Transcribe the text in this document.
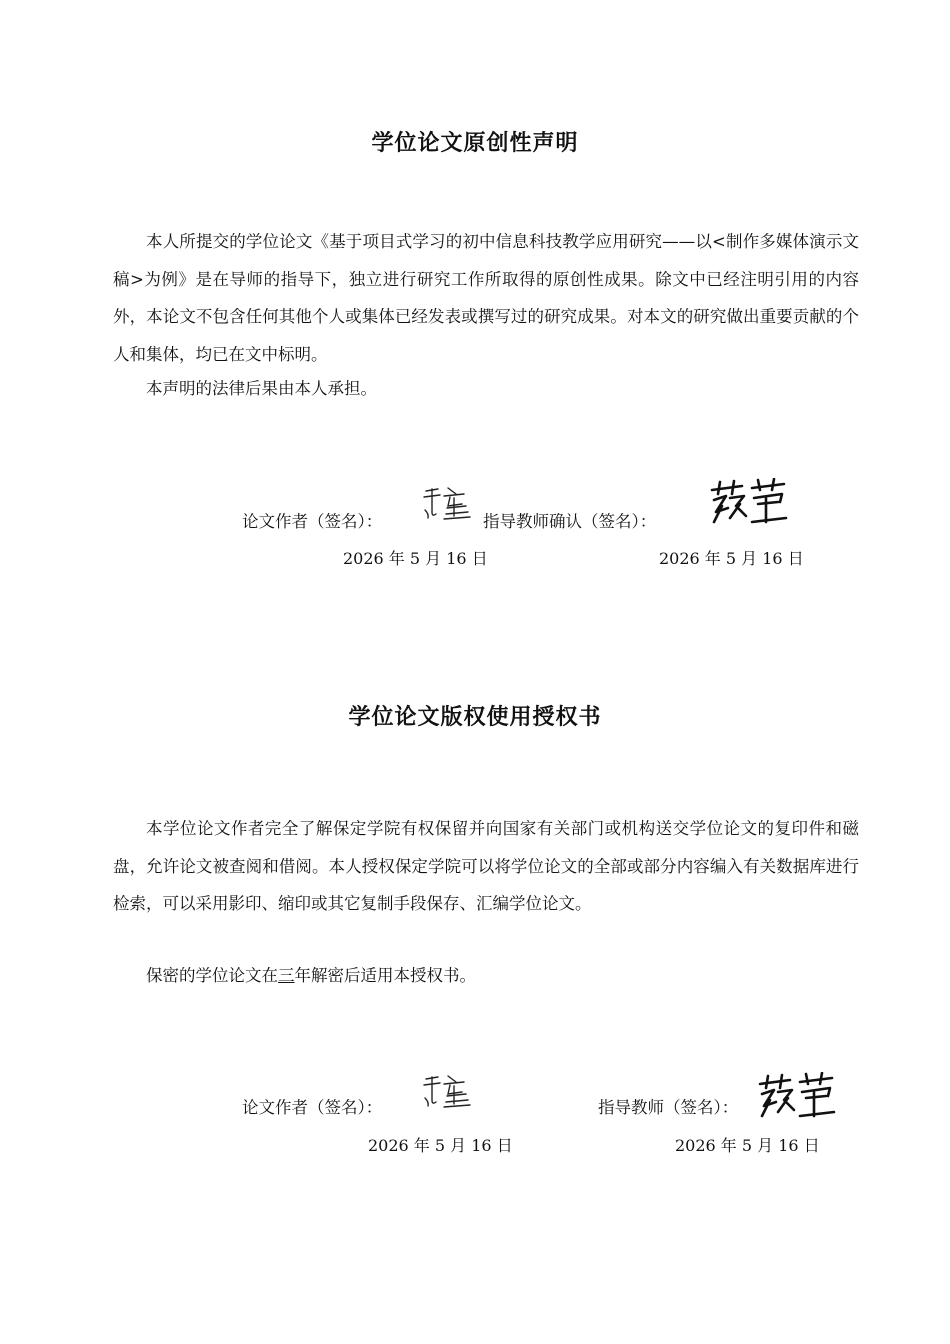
学位论文原创性声明

本人所提交的学位论文《基于项目式学习的初中信息科技教学应用研究——以<制作多媒体演示文稿>为例》是在导师的指导下，独立进行研究工作所取得的原创性成果。除文中已经注明引用的内容外，本论文不包含任何其他个人或集体已经发表或撰写过的研究成果。对本文的研究做出重要贡献的个人和集体，均已在文中标明。

本声明的法律后果由本人承担。

论文作者（签名）：	指导教师确认（签名）：
2026 年 5 月 16 日	2026 年 5 月 16 日
学位论文版权使用授权书

本学位论文作者完全了解保定学院有权保留并向国家有关部门或机构送交学位论文的复印件和磁盘，允许论文被查阅和借阅。本人授权保定学院可以将学位论文的全部或部分内容编入有关数据库进行检索，可以采用影印、缩印或其它复制手段保存、汇编学位论文。

保密的学位论文在三年解密后适用本授权书。

论文作者（签名）：	指导教师（签名）：
2026 年 5 月 16 日	2026 年 5 月 16 日
